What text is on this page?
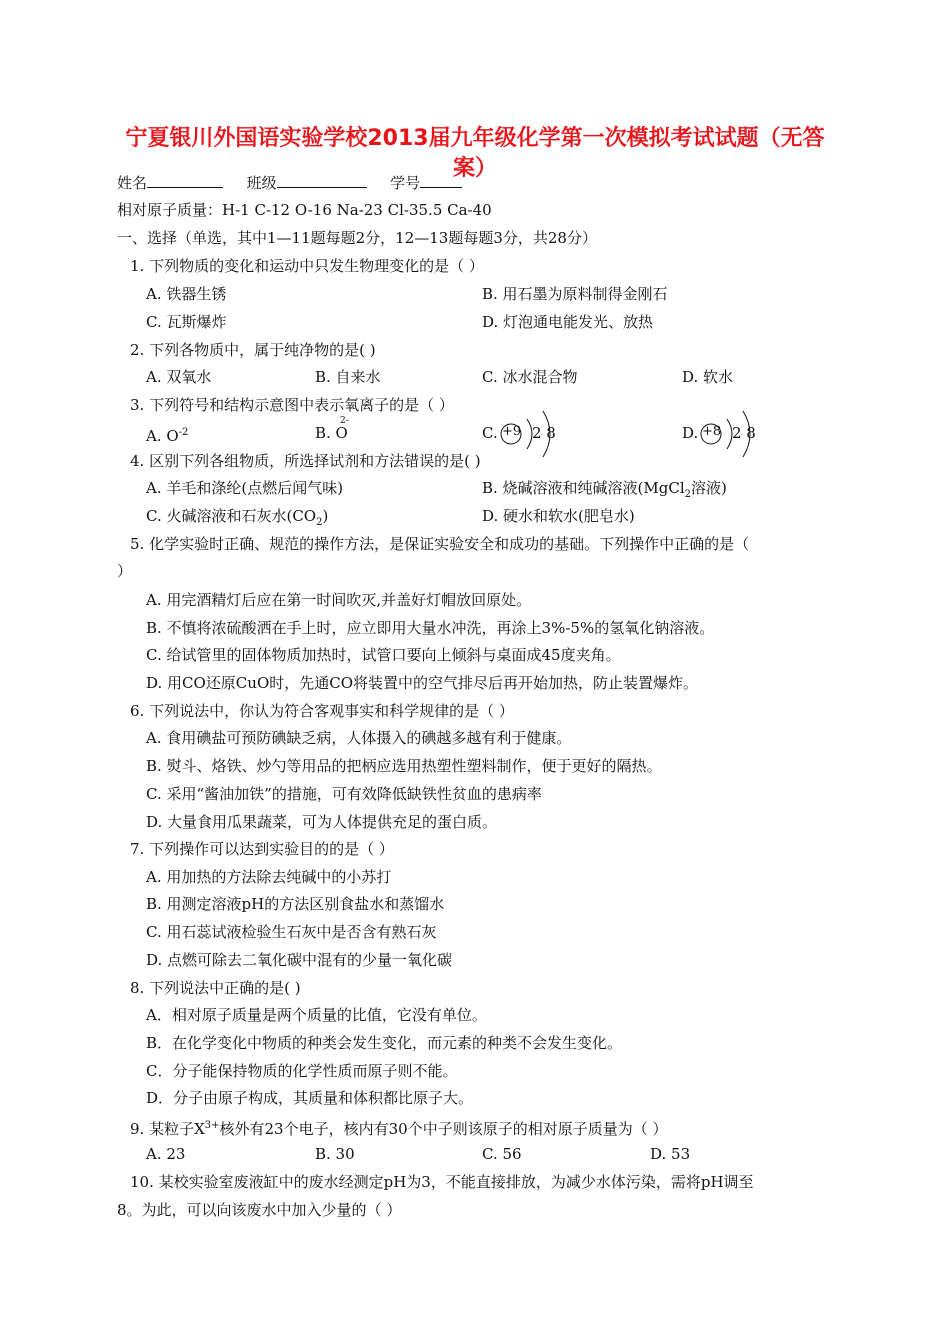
宁夏银川外国语实验学校2013届九年级化学第一次模拟考试试题（无答案）
姓名	班级	学号
相对原子质量：H-1 C-12 O-16 Na-23 Cl-35.5 Ca-40
一、选择（单选，其中1—11题每题2分，12—13题每题3分，共28分）
1. 下列物质的变化和运动中只发生物理变化的是（ ）
A. 铁器生锈	B. 用石墨为原料制得金刚石
C. 瓦斯爆炸	D. 灯泡通电能发光、放热
2. 下列各物质中，属于纯净物的是( )
A. 双氧水	B. 自来水	C. 冰水混合物	D. 软水
3. 下列符号和结构示意图中表示氧离子的是（ ）
A. $O^{-2}$	B. O
2-
C. +9 2 8	D. +8 2 8
4. 区别下列各组物质，所选择试剂和方法错误的是( )
A. 羊毛和涤纶(点燃后闻气味)	B. 烧碱溶液和纯碱溶液(MgCl$_2$溶液)
C. 火碱溶液和石灰水$(CO_2)$	D. 硬水和软水(肥皂水)
5. 化学实验时正确、规范的操作方法，是保证实验安全和成功的基础。下列操作中正确的是（
）
A. 用完酒精灯后应在第一时间吹灭,并盖好灯帽放回原处。
B. 不慎将浓硫酸洒在手上时，应立即用大量水冲洗，再涂上3%-5%的氢氧化钠溶液。
C. 给试管里的固体物质加热时，试管口要向上倾斜与桌面成45度夹角。
D. 用CO还原CuO时，先通CO将装置中的空气排尽后再开始加热，防止装置爆炸。
6. 下列说法中，你认为符合客观事实和科学规律的是（ ）
A. 食用碘盐可预防碘缺乏病，人体摄入的碘越多越有利于健康。
B. 熨斗、烙铁、炒勺等用品的把柄应选用热塑性塑料制作，便于更好的隔热。
C. 采用“酱油加铁”的措施，可有效降低缺铁性贫血的患病率
D. 大量食用瓜果蔬菜，可为人体提供充足的蛋白质。
7. 下列操作可以达到实验目的的是（ ）
A. 用加热的方法除去纯碱中的小苏打
B. 用测定溶液pH的方法区别食盐水和蒸馏水
C. 用石蕊试液检验生石灰中是否含有熟石灰
D. 点燃可除去二氧化碳中混有的少量一氧化碳
8. 下列说法中正确的是( )
A．相对原子质量是两个质量的比值，它没有单位。
B．在化学变化中物质的种类会发生变化，而元素的种类不会发生变化。
C．分子能保持物质的化学性质而原子则不能。
D．分子由原子构成，其质量和体积都比原子大。
9. 某粒子$X^{3+}$核外有23个电子，核内有30个中子则该原子的相对原子质量为（ ）
A. 23	B. 30	C. 56	D. 53
10. 某校实验室废液缸中的废水经测定pH为3，不能直接排放，为减少水体污染，需将pH调至
8。为此，可以向该废水中加入少量的（ ）
